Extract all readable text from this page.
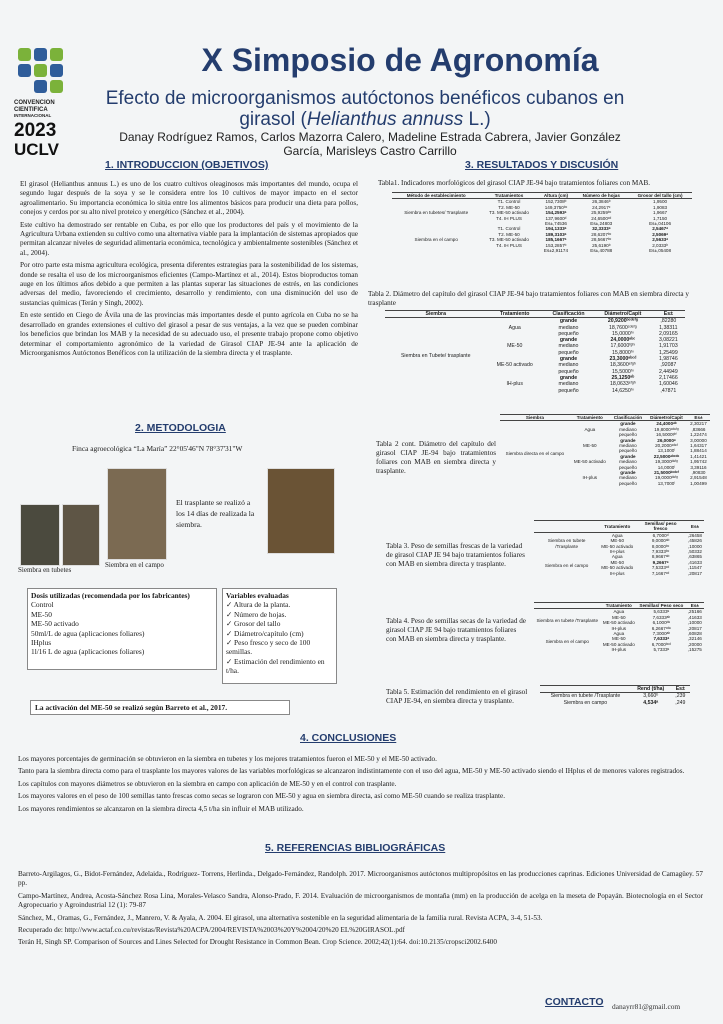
CONVENCION
CIENTIFICA
INTERNACIONAL
2023
UCLV
X Simposio de Agronomía
Efecto de microorganismos autóctonos benéficos cubanos en girasol (Helianthus annuss L.)
Danay Rodríguez Ramos, Carlos Mazorra Calero, Madeline Estrada Cabrera, Javier González García, Marisleys Castro Carrillo
1. INTRODUCCION (OBJETIVOS)

El girasol (Helianthus annuus L.) es uno de los cuatro cultivos oleaginosos más importantes del mundo, ocupa el segundo lugar después de la soya y se le considera entre los 10 cultivos de mayor impacto en el sector agroalimentario. Su importancia económica lo sitúa entre los alimentos básicos para producir una dieta para pollos, conejos y cerdos por su alto nivel proteico y energético (Sánchez et al., 2004).

Este cultivo ha demostrado ser rentable en Cuba, es por ello que los productores del país y el movimiento de la Agricultura Urbana extienden su cultivo como una alternativa viable para la implantación de sistemas apropiados que permitan alcanzar niveles de seguridad alimentaria económica, tecnológica y ambientalmente sostenibles (Sánchez et al., 2004).

Por otro parte esta misma agricultura ecológica, presenta diferentes estrategias para la sostenibilidad de los sistemas, donde se resalta el uso de los microorganismos eficientes (Campo-Martínez et al., 2014). Estos bioproductos toman auge en los últimos años debido a que permiten a las plantas superar las situaciones de estrés, en las condiciones adversas del medio, favoreciendo el crecimiento, desarrollo y rendimiento, con una disminución del uso de sustancias químicas (Terán y Singh, 2002).

En este sentido en Ciego de Ávila una de las provincias más importantes desde el punto agrícola en Cuba no se ha desarrollado en grandes extensiones el cultivo del girasol a pesar de sus ventajas, a la vez que se pueden combinar los beneficios que brindan los MAB y la necesidad de su adecuado uso, el presente trabajo propone como objetivo determinar el comportamiento agronómico de la variedad de Girasol CIAP JE-94 ante la aplicación de Microorganismos Autóctonos Benéficos con la utilización de la siembra directa y el trasplante.

2. METODOLOGIA
Finca agroecológica “La María” 22°05'46"N 78°37'31"W
Siembra en tubetes
Siembra en el campo
El trasplante se realizó a los 14 días de realizada la siembra.
Dosis utilizadas (recomendada por los fabricantes)
Control
ME-50
ME-50 activado
50ml/L de agua (aplicaciones foliares)
IHplus
1l/16 L de agua (aplicaciones foliares)
Variables evaluadas
✓ Altura de la planta.
✓ Número de hojas.
✓ Grosor del tallo
✓ Diámetro/capítulo (cm)
✓ Peso fresco y seco de 100 semillas.
✓ Estimación del rendimiento en t/ha.
La activación del ME-50 se realizó según Barreto et al., 2017.
3. RESULTADOS Y DISCUSIÓN
Tabla1. Indicadores morfológicos del girasol CIAP JE-94 bajo tratamientos foliares con MAB.
Método de establecimiento	Tratamientos	Altura (cm)	Número de hojas	Grosor del tallo (cm)
Siembra en tubetes/ Trasplante	T1. Control	152,7308ᵇ	26,3846ᵇ	1,9500
	T2. ME-50	149,3750ᵇᶜ	24,2917ᶜ	1,9083
	T3. ME-50 activado	154,2593ᵃ	25,9259ᵇᶜ	1,9667
	T4. IH PLUS	137,9600ᵈ	24,6500ᶜᵈ	1,7150
		Es±,74536	Es±,24803	Es±,04106
Siembra en el campo	T1. Control	194,1333ᵃ	32,3333ᵃ	2,5467ᵃ
	T2. ME-50	189,3103ᵃ	28,6207ᵇᶜ	2,5069ᵃ
	T3. ME-50 activado	185,1667ᵃ	28,5667ᵇᶜ	2,5633ᵃ
	T4. IH PLUS	153,2857ᵇ	25,6190ᵇ	2,0333ᵇ
		Es±2,91174	Es±,40788	Es±,05408
Tabla 2. Diámetro del capítulo del girasol CIAP JE-94 bajo tratamientos foliares con MAB en siembra directa y trasplante
Siembra	Tratamiento	Clasificación	Diámetro/Capit	Es±
Siembra en Tubete/ trasplante	Agua	grande	20,9200ᵇᶜᵈᵉᶠᵍ	,82280
		mediano	18,7600ᶜᵈᵉᶠᵍ	1,38311
		pequeño	15,0000ʰⁱ	2,09165
	ME-50	grande	24,0000ᵃᵇᶜ	3,08221
		mediano	17,6000ᶠᵍʰⁱ	1,91703
		pequeño	15,8000ʰⁱ	1,25499
	ME-50 activado	grande	23,3000ᵃᵇᶜᵈ	1,98746
		mediano	18,3600ᵉᶠᵍʰ	,92087
		pequeño	15,5000ʰⁱ	2,44949
	IH-plus	grande	25,1250ᵃᵇ	2,17466
		mediano	18,0633ᵉᶠᵍʰ	1,60046
		pequeño	14,6250ʰⁱ	,47871
Tabla 2 cont. Diámetro del capítulo del girasol CIAP JE-94 bajo tratamientos foliares con MAB en siembra directa y trasplante.
Siembra	Tratamiento	Clasificación	Diámetro/Capit	Es±
Siembra directa en el campo	Agua	grande	24,4000ᵃᵇ	2,30217
		mediano	19,8000ᶜᵈᵉᶠᵍ	,83666
		pequeño	16,5000ᵍʰⁱ	1,22474
	ME-50	grande	26,0000ᵃ	3,00000
		mediano	20,2000ᶜᵈᵉᶠ	1,64317
		pequeño	13,1000ⁱ	1,88414
	ME-50 activado	grande	22,5000ᵃᵇᶜᵈᵉ	1,41421
		mediano	19,3000ᵈᵉᶠᵍ	1,95742
		pequeño	14,0000ⁱ	3,39116
	IH-plus	grande	21,5000ᵇᶜᵈᵉᶠ	,90830
		mediano	19,0000ᵈᵉᶠᵍ	2,91548
		pequeño	13,7000ⁱ	1,00499
Tabla 3. Peso de semillas frescas de la variedad de girasol CIAP JE 94 bajo tratamientos foliares con MAB en siembra directa y trasplante.
	Tratamiento	Semillas/ peso fresco	Es±
Siembra en tubete /Trasplante	Agua	6,7000ᵈ	,26458
	ME-50	9,0000ᵃᵇ	,45826
	ME-50 activado	8,0000ᵇᶜ	,10000
	IH-plus	7,9333ᵇᶜ	,50332
Siembra en el campo	Agua	8,9667ᵃᵇ	,63865
	ME-50	9,2667ᵃ	,41633
	ME-50 activado	7,5333ᶜᵈ	,11547
	IH-plus	7,1667ᶜᵈ	,20817
Tabla 4. Peso de semillas secas de la variedad de girasol CIAP JE 94 bajo tratamientos foliares con MAB en siembra directa y trasplante.
	Tratamiento	Semillas/ Peso seco	Es±
Siembra en tubete /Trasplante	Agua	5,6333ᵉ	,25166
	ME-50	7,6333ᵃᵇ	,41633
	ME-50 activado	6,1000ᵈᵉ	,10000
	IH-plus	6,2667ᶜᵈᵉ	,20817
Siembra en el campo	Agua	7,3000ᵃᵇ	,60828
	ME-50	7,6333ᵃ	,32146
	ME-50 activado	6,7000ᵇᶜᵈ	,20000
	IH-plus	5,7333ᵉ	,15275
Tabla 5. Estimación del rendimiento en el girasol CIAP JE-94, en siembra directa y trasplante.
	Rend (t/ha)	Es±
Siembra en tubete /Trasplante	3,660ᵇ	,239
Siembra en campo	4,534ᵃ	,249
4. CONCLUSIONES

Los mayores porcentajes de germinación se obtuvieron en la siembra en tubetes y los mejores tratamientos fueron el ME-50 y el ME-50 activado.

Tanto para la siembra directa como para el trasplante los mayores valores de las variables morfológicas se alcanzaron indistintamente con el uso del agua, ME-50 y ME-50 activado siendo el IHplus el de menores valores registrados.

Los capítulos con mayores diámetros se obtuvieron en la siembra en campo con aplicación de ME-50 y en el control con trasplante.

Los mayores valores en el peso de 100 semillas tanto frescas como secas se lograron con ME-50 y agua en siembra directa, así como ME-50 cuando se realiza trasplante.

Los mayores rendimientos se alcanzaron en la siembra directa 4,5 t/ha sin influir el MAB utilizado.

5. REFERENCIAS BIBLIOGRÁFICAS

Barreto-Argilagos, G., Bidot-Fernández, Adelaida., Rodríguez- Torrens, Herlinda., Delgado-Fernández, Randolph. 2017. Microorganismos autóctonos multipropósitos en las producciones caprinas. Ediciones Universidad de Camagüey. 57 pp.

Campo-Martínez, Andrea, Acosta-Sánchez Rosa Lina, Morales-Velasco Sandra, Alonso-Prado, F. 2014. Evaluación de microorganismos de montaña (mm) en la producción de acelga en la meseta de Popayán. Biotecnología en el Sector Agropecuario y Agroindustrial 12 (1): 79-87

Sánchez, M., Oramas, G., Fernández, J., Manrero, V. & Ayala, A. 2004. El girasol, una alternativa sostenible en la seguridad alimentaria de la familia rural. Revista ACPA, 3-4, 51-53.

Recuperado de: http://www.actaf.co.cu/revistas/Revista%20ACPA/2004/REVISTA%2003%20Y%2004/20%20 EL%20GIRASOL.pdf

Terán H, Singh SP. Comparison of Sources and Lines Selected for Drought Resistance in Common Bean. Crop Science. 2002;42(1):64. doi:10.2135/cropsci2002.6400

CONTACTO danayrr81@gmail.com
